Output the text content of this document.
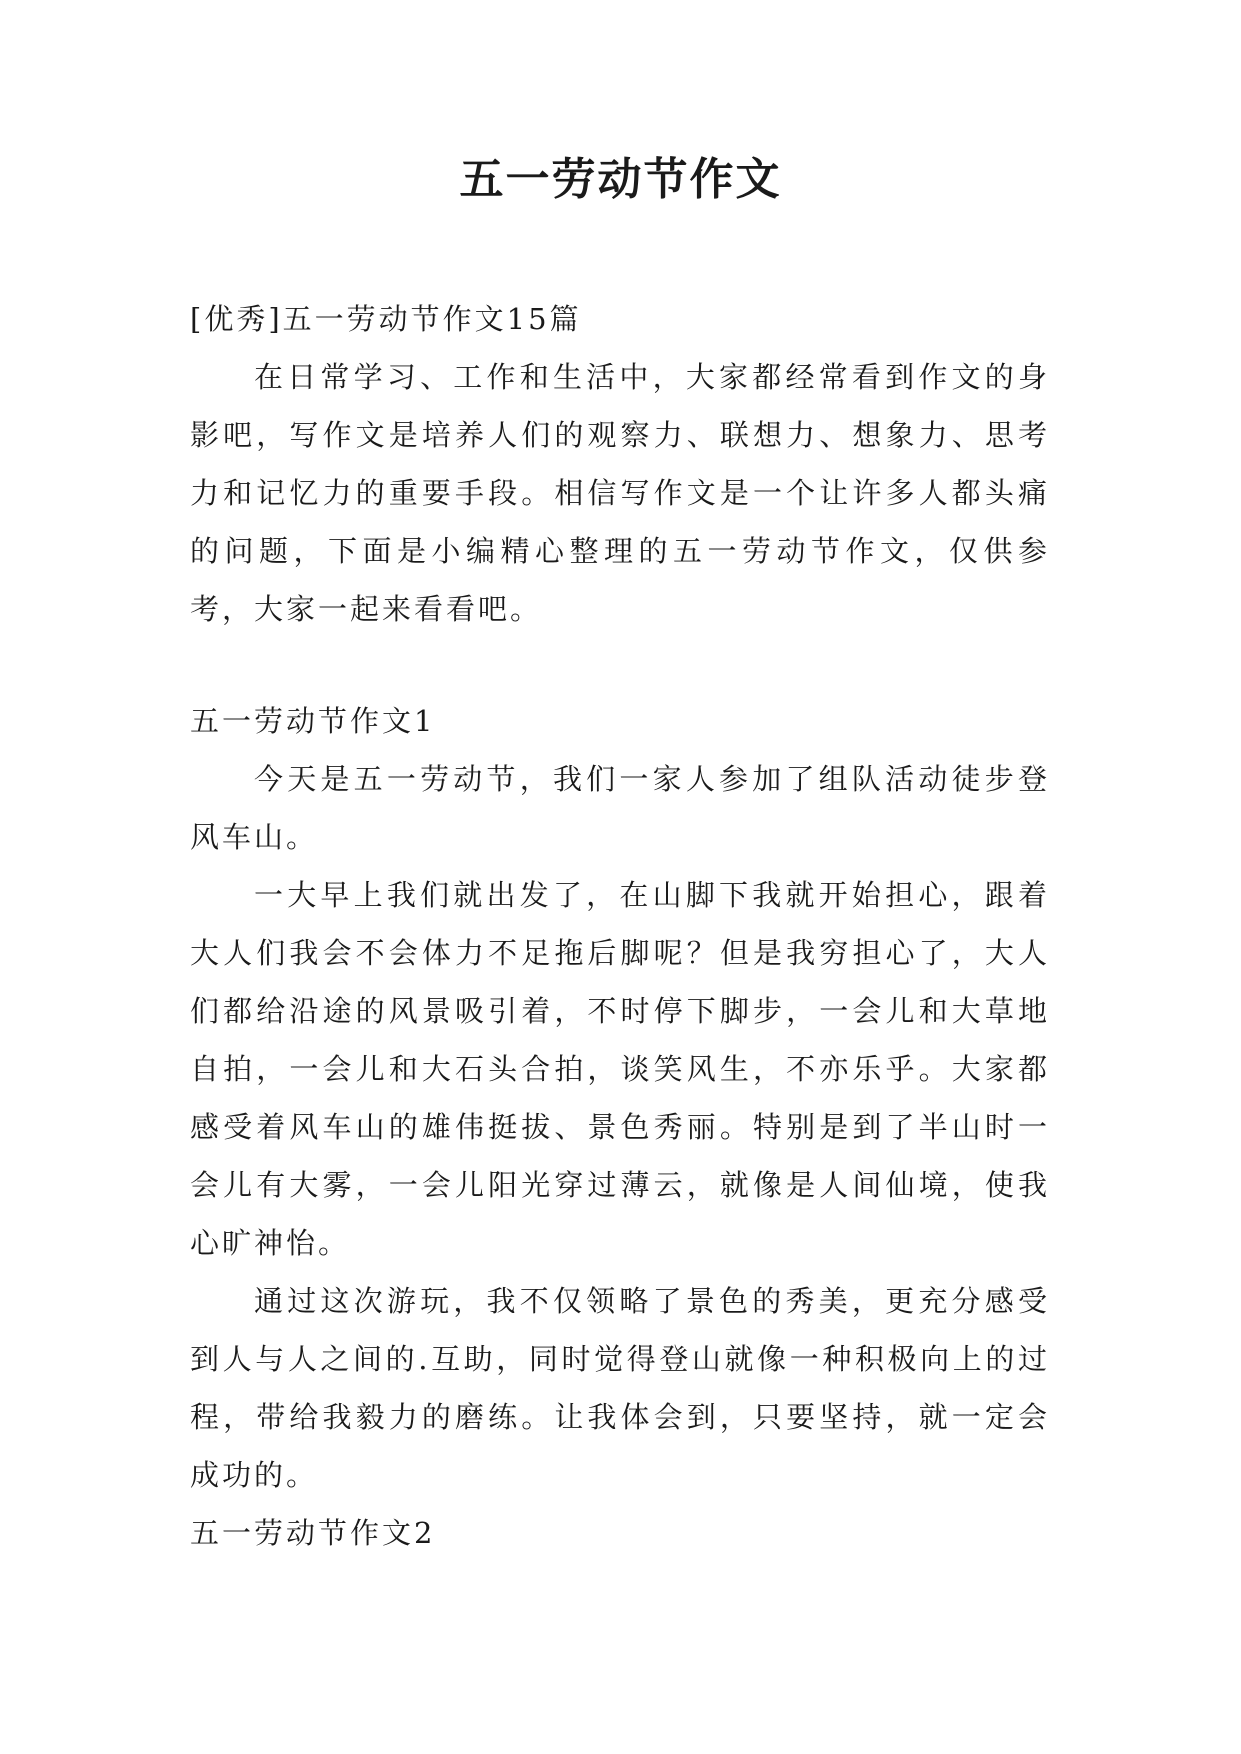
五一劳动节作文

[优秀]五一劳动节作文15篇

在日常学习、工作和生活中，大家都经常看到作文的身影吧，写作文是培养人们的观察力、联想力、想象力、思考力和记忆力的重要手段。相信写作文是一个让许多人都头痛的问题，下面是小编精心整理的五一劳动节作文，仅供参考，大家一起来看看吧。

五一劳动节作文1

今天是五一劳动节，我们一家人参加了组队活动徒步登风车山。

一大早上我们就出发了，在山脚下我就开始担心，跟着大人们我会不会体力不足拖后脚呢？但是我穷担心了，大人们都给沿途的风景吸引着，不时停下脚步，一会儿和大草地自拍，一会儿和大石头合拍，谈笑风生，不亦乐乎。大家都感受着风车山的雄伟挺拔、景色秀丽。特别是到了半山时一会儿有大雾，一会儿阳光穿过薄云，就像是人间仙境，使我心旷神怡。

通过这次游玩，我不仅领略了景色的秀美，更充分感受到人与人之间的.互助，同时觉得登山就像一种积极向上的过程，带给我毅力的磨练。让我体会到，只要坚持，就一定会成功的。

五一劳动节作文2
